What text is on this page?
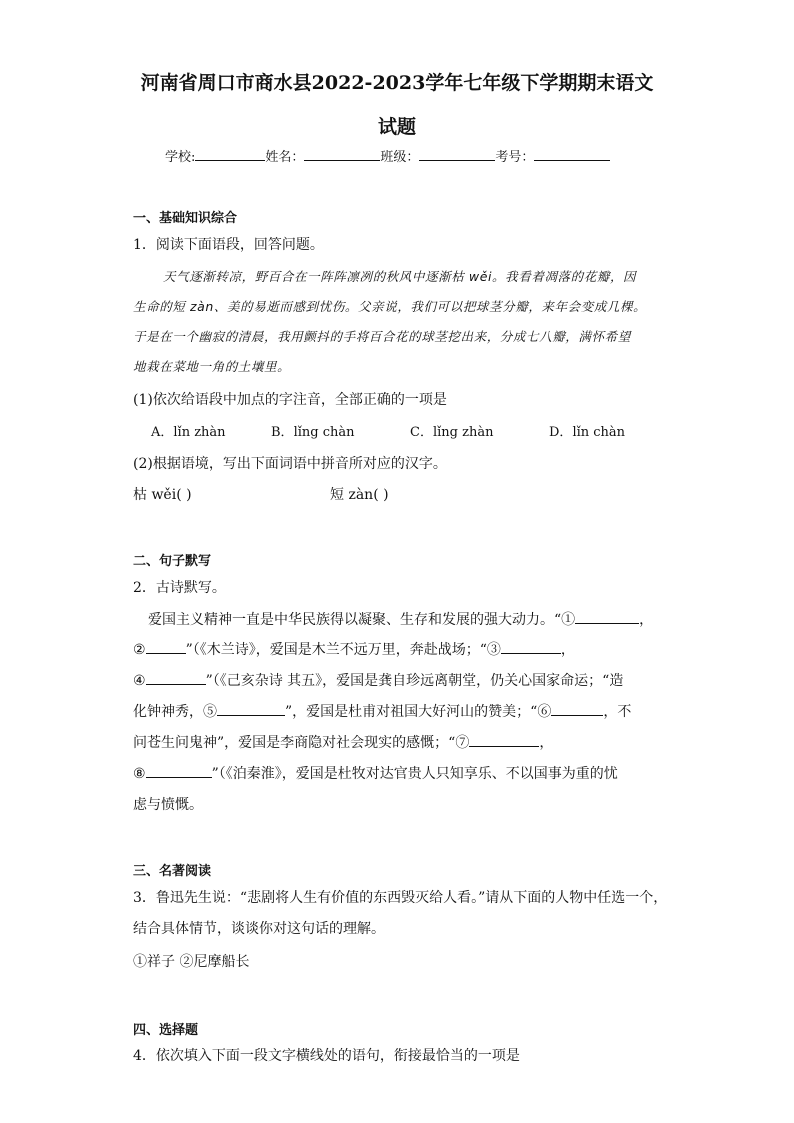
河南省周口市商水县2022-2023学年七年级下学期期末语文
试题
学校:	姓名：	班级：	考号：
一、基础知识综合
1．阅读下面语段，回答问题。
天气逐渐转凉，野百合在一阵阵凛冽的秋风中逐渐枯 wěi。我看着凋落的花瓣，因
生命的短 zàn、美的易逝而感到忧伤。父亲说，我们可以把球茎分瓣，来年会变成几棵。
于是在一个幽寂的清晨，我用颤抖的手将百合花的球茎挖出来，分成七八瓣，满怀希望
地栽在菜地一角的土壤里。
(1)依次给语段中加点的字注音，全部正确的一项是
A．lǐn zhàn	B．lǐng chàn	C．lǐng zhàn	D．lǐn chàn
(2)根据语境，写出下面词语中拼音所对应的汉字。
枯 wěi( )	短 zàn( )
二、句子默写
2．古诗默写。
爱国主义精神一直是中华民族得以凝聚、生存和发展的强大动力。“①	，
②	”（《木兰诗》，爱国是木兰不远万里，奔赴战场；“③	，
④	”（《己亥杂诗 其五》，爱国是龚自珍远离朝堂，仍关心国家命运；“造
化钟神秀，⑤	”，爱国是杜甫对祖国大好河山的赞美；“⑥	，不
问苍生问鬼神”，爱国是李商隐对社会现实的感慨；“⑦	，
⑧	”（《泊秦淮》，爱国是杜牧对达官贵人只知享乐、不以国事为重的忧
虑与愤慨。
三、名著阅读
3．鲁迅先生说：“悲剧将人生有价值的东西毁灭给人看。”请从下面的人物中任选一个，
结合具体情节，谈谈你对这句话的理解。
①祥子 ②尼摩船长
四、选择题
4．依次填入下面一段文字横线处的语句，衔接最恰当的一项是
